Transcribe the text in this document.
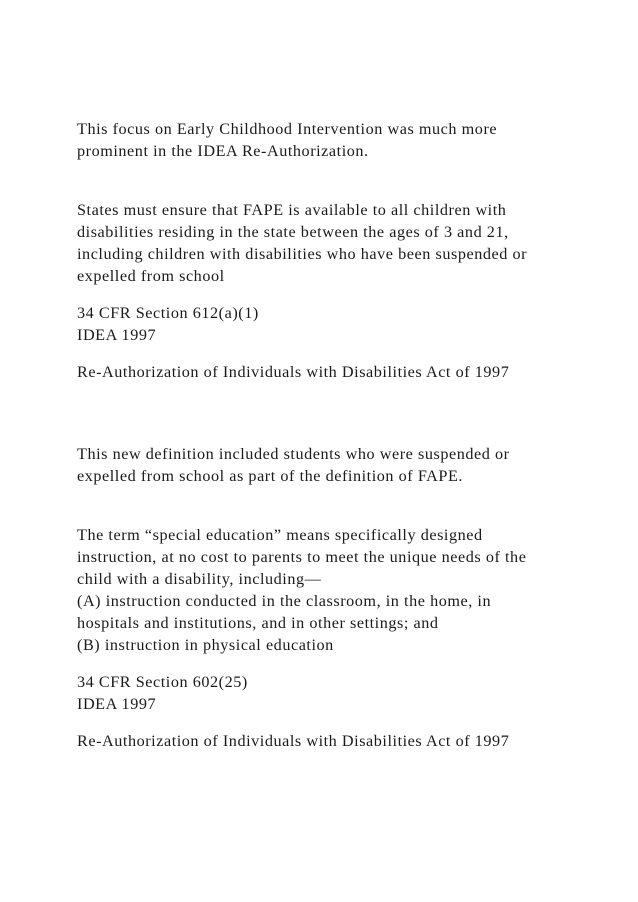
This focus on Early Childhood Intervention was much more

prominent in the IDEA Re-Authorization.

States must ensure that FAPE is available to all children with

disabilities residing in the state between the ages of 3 and 21,

including children with disabilities who have been suspended or

expelled from school

34 CFR Section 612(a)(1)

IDEA 1997

Re-Authorization of Individuals with Disabilities Act of 1997

This new definition included students who were suspended or

expelled from school as part of the definition of FAPE.

The term “special education” means specifically designed

instruction, at no cost to parents to meet the unique needs of the

child with a disability, including—

(A) instruction conducted in the classroom, in the home, in

hospitals and institutions, and in other settings; and

(B) instruction in physical education

34 CFR Section 602(25)

IDEA 1997

Re-Authorization of Individuals with Disabilities Act of 1997
